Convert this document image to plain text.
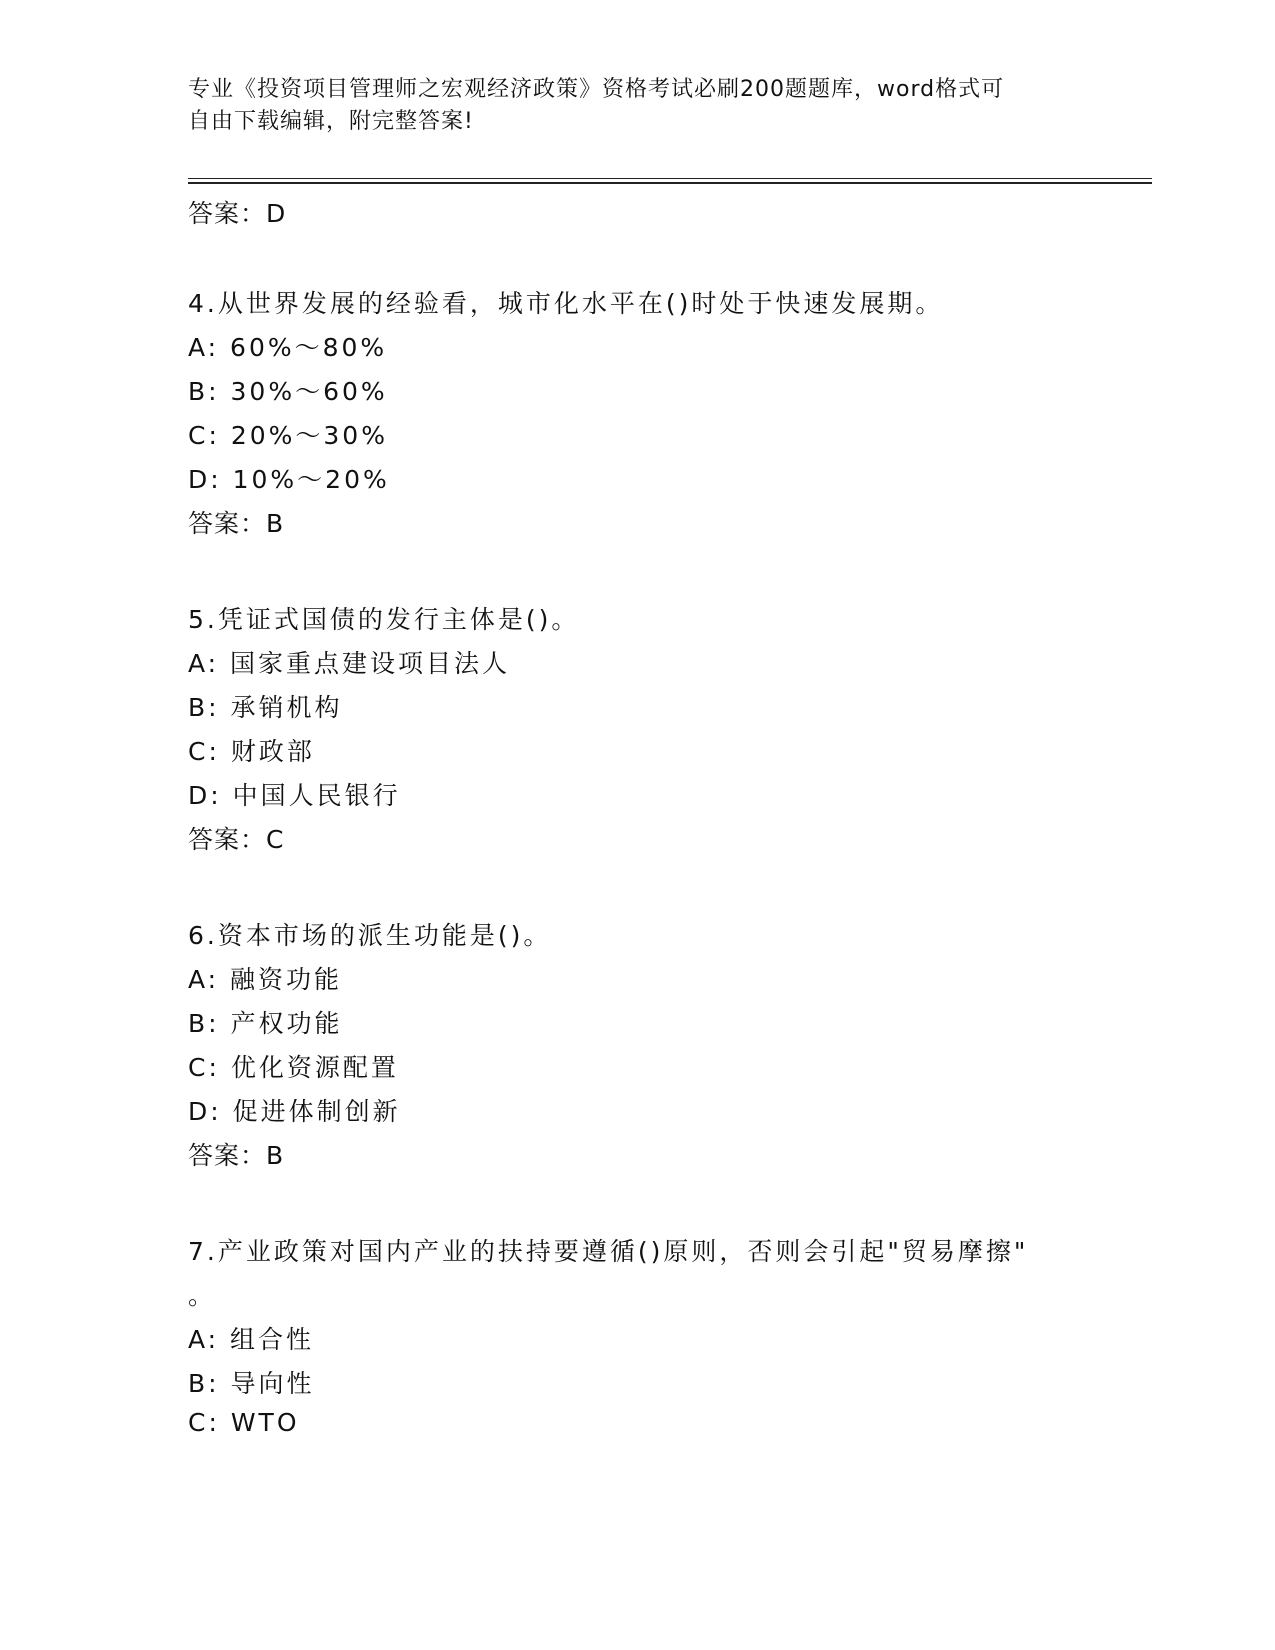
专业《投资项目管理师之宏观经济政策》资格考试必刷200题题库，word格式可
自由下载编辑，附完整答案!
答案：D
4.从世界发展的经验看，城市化水平在()时处于快速发展期。
A: 60%～80%
B: 30%～60%
C: 20%～30%
D: 10%～20%
答案：B
5.凭证式国债的发行主体是()。
A: 国家重点建设项目法人
B: 承销机构
C: 财政部
D: 中国人民银行
答案：C
6.资本市场的派生功能是()。
A: 融资功能
B: 产权功能
C: 优化资源配置
D: 促进体制创新
答案：B
7.产业政策对国内产业的扶持要遵循()原则，否则会引起"贸易摩擦"
。
A: 组合性
B: 导向性
C: WTO
